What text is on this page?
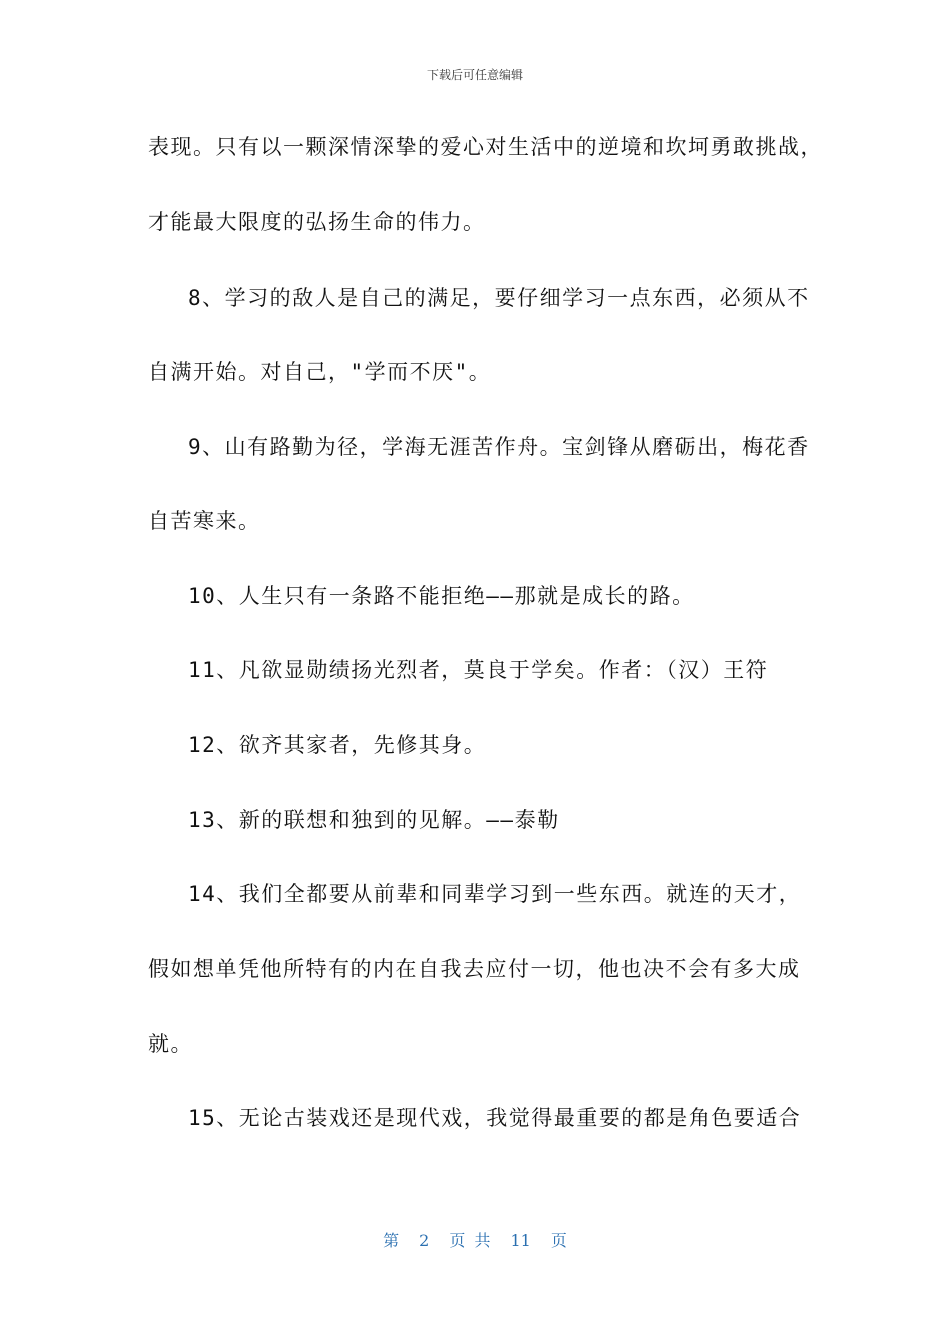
下载后可任意编辑
表现。只有以一颗深情深挚的爱心对生活中的逆境和坎坷勇敢挑战，
才能最大限度的弘扬生命的伟力。
8、学习的敌人是自己的满足，要仔细学习一点东西，必须从不
自满开始。对自己，"学而不厌"。
9、山有路勤为径，学海无涯苦作舟。宝剑锋从磨砺出，梅花香
自苦寒来。
10、人生只有一条路不能拒绝——那就是成长的路。
11、凡欲显勋绩扬光烈者，莫良于学矣。作者：（汉）王符
12、欲齐其家者，先修其身。
13、新的联想和独到的见解。——泰勒
14、我们全都要从前辈和同辈学习到一些东西。就连的天才，
假如想单凭他所特有的内在自我去应付一切，他也决不会有多大成
就。
15、无论古装戏还是现代戏，我觉得最重要的都是角色要适合
第 2 页 共 11 页
